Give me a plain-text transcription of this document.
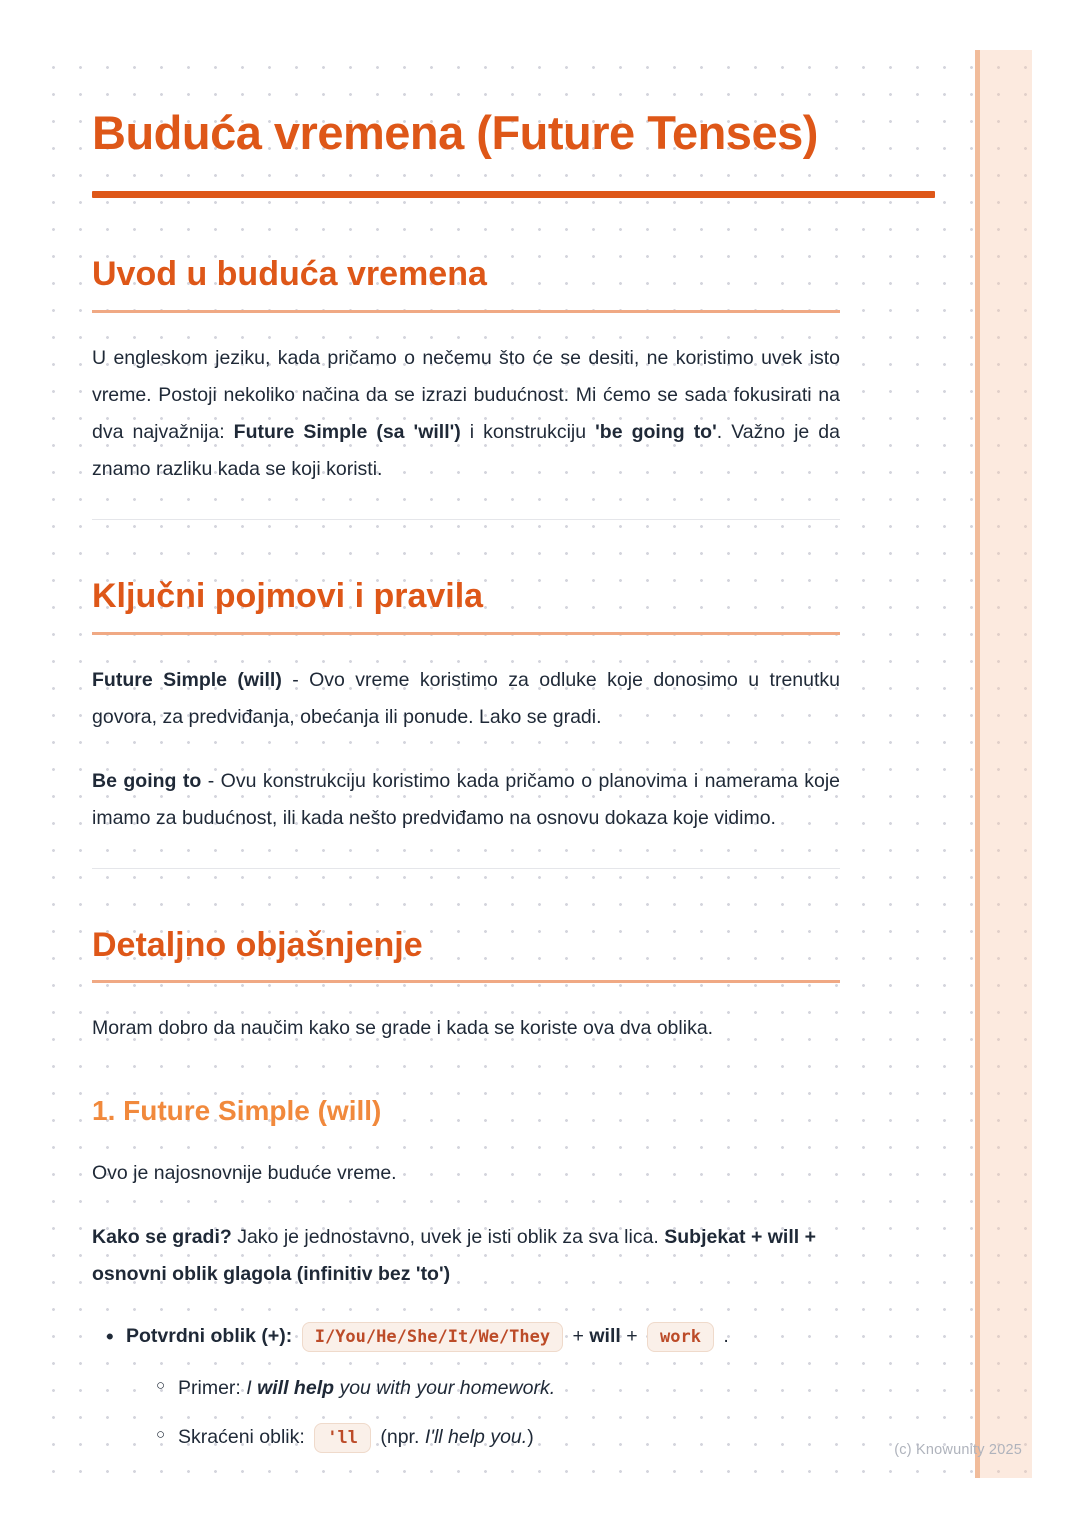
Buduća vremena (Future Tenses)
Uvod u buduća vremena

U engleskom jeziku, kada pričamo o nečemu što će se desiti, ne koristimo uvek isto vreme. Postoji nekoliko načina da se izrazi budućnost. Mi ćemo se sada fokusirati na dva najvažnija: Future Simple (sa 'will') i konstrukciju 'be going to'. Važno je da znamo razliku kada se koji koristi.

Ključni pojmovi i pravila

Future Simple (will) - Ovo vreme koristimo za odluke koje donosimo u trenutku govora, za predviđanja, obećanja ili ponude. Lako se gradi.

Be going to - Ovu konstrukciju koristimo kada pričamo o planovima i namerama koje imamo za budućnost, ili kada nešto predviđamo na osnovu dokaza koje vidimo.

Detaljno objašnjenje

Moram dobro da naučim kako se grade i kada se koriste ova dva oblika.

1. Future Simple (will)

Ovo je najosnovnije buduće vreme.

Kako se gradi? Jako je jednostavno, uvek je isti oblik za sva lica. Subjekat + will + osnovni oblik glagola (infinitiv bez 'to')

• Potvrdni oblik (+): I/You/He/She/It/We/They + will + work .

○ Primer: I will help you with your homework.

○ Skraćeni oblik: 'll (npr. I'll help you.)

(c) Knowunity 2025
